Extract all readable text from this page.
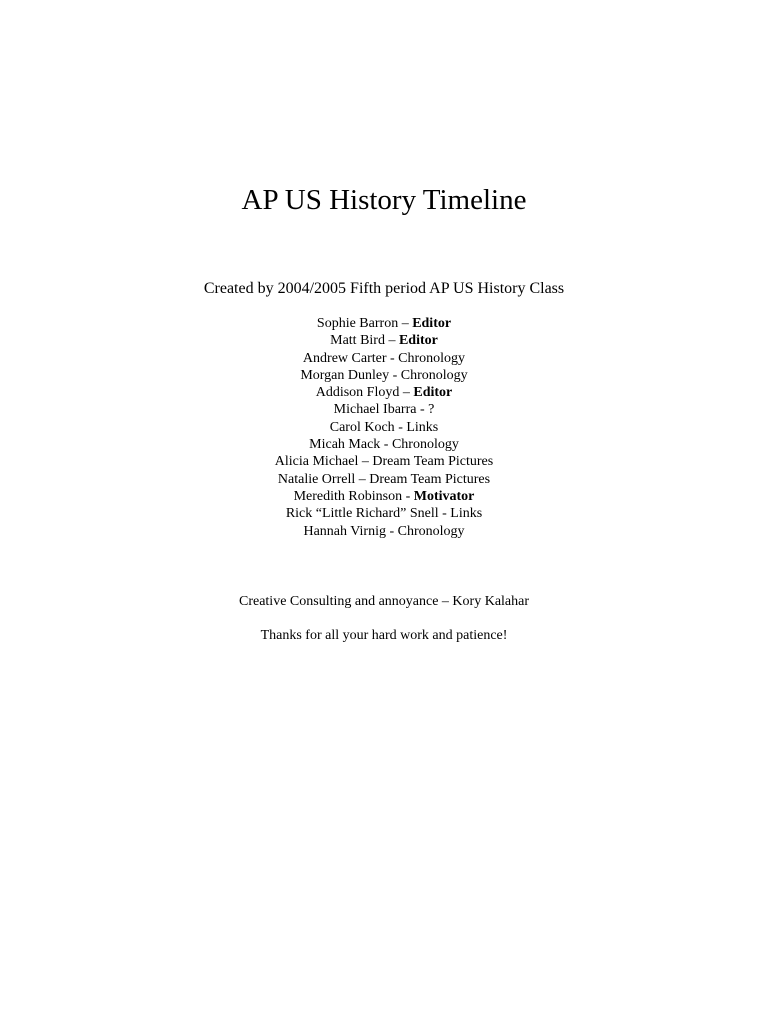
AP US History Timeline

Created by 2004/2005 Fifth period AP US History Class

Sophie Barron – Editor
Matt Bird – Editor
Andrew Carter - Chronology
Morgan Dunley - Chronology
Addison Floyd – Editor
Michael Ibarra - ?
Carol Koch - Links
Micah Mack - Chronology
Alicia Michael – Dream Team Pictures
Natalie Orrell – Dream Team Pictures
Meredith Robinson - Motivator
Rick “Little Richard” Snell - Links
Hannah Virnig - Chronology

Creative Consulting and annoyance – Kory Kalahar

Thanks for all your hard work and patience!
